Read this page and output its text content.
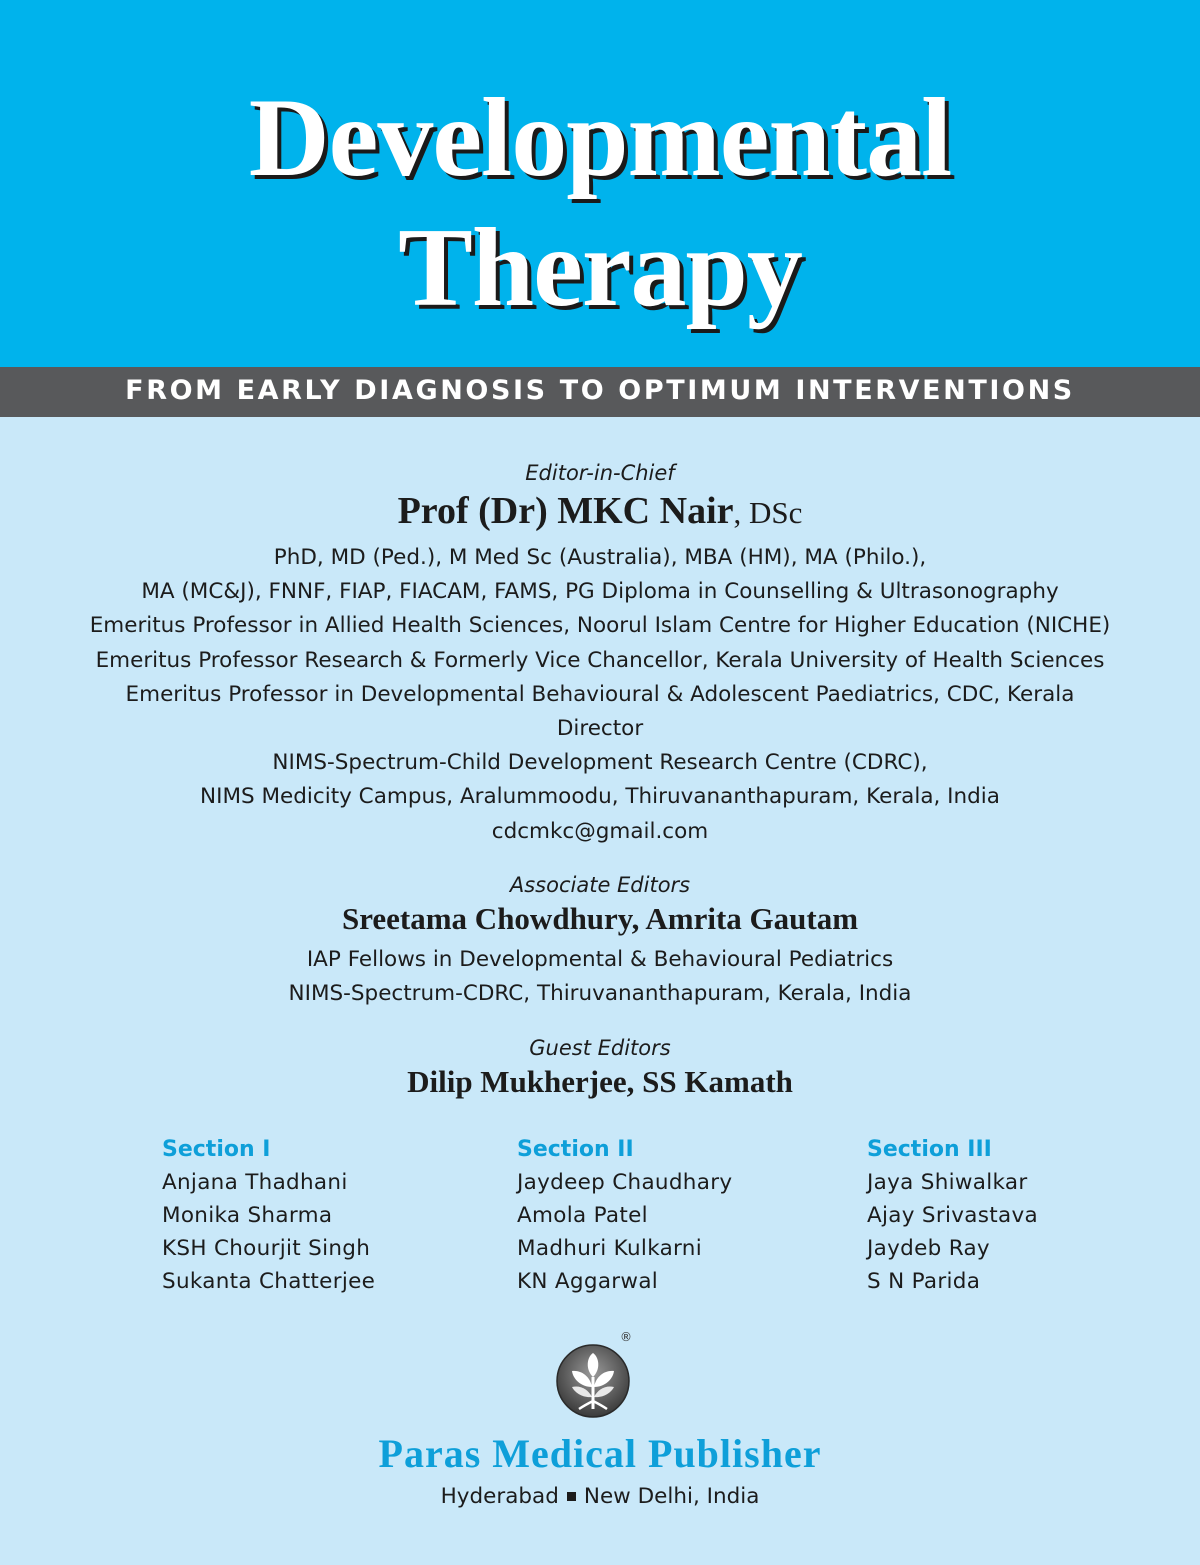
Developmental
Therapy
FROM EARLY DIAGNOSIS TO OPTIMUM INTERVENTIONS
Editor-in-Chief
Prof (Dr) MKC Nair, DSc
PhD, MD (Ped.), M Med Sc (Australia), MBA (HM), MA (Philo.),
MA (MC&J), FNNF, FIAP, FIACAM, FAMS, PG Diploma in Counselling & Ultrasonography
Emeritus Professor in Allied Health Sciences, Noorul Islam Centre for Higher Education (NICHE)
Emeritus Professor Research & Formerly Vice Chancellor, Kerala University of Health Sciences
Emeritus Professor in Developmental Behavioural & Adolescent Paediatrics, CDC, Kerala
Director
NIMS-Spectrum-Child Development Research Centre (CDRC),
NIMS Medicity Campus, Aralummoodu, Thiruvananthapuram, Kerala, India
cdcmkc@gmail.com
Associate Editors
Sreetama Chowdhury, Amrita Gautam
IAP Fellows in Developmental & Behavioural Pediatrics
NIMS-Spectrum-CDRC, Thiruvananthapuram, Kerala, India
Guest Editors
Dilip Mukherjee, SS Kamath
Section I
Anjana Thadhani
Monika Sharma
KSH Chourjit Singh
Sukanta Chatterjee
Section II
Jaydeep Chaudhary
Amola Patel
Madhuri Kulkarni
KN Aggarwal
Section III
Jaya Shiwalkar
Ajay Srivastava
Jaydeb Ray
S N Parida
®
Paras Medical Publisher
Hyderabad New Delhi, India
